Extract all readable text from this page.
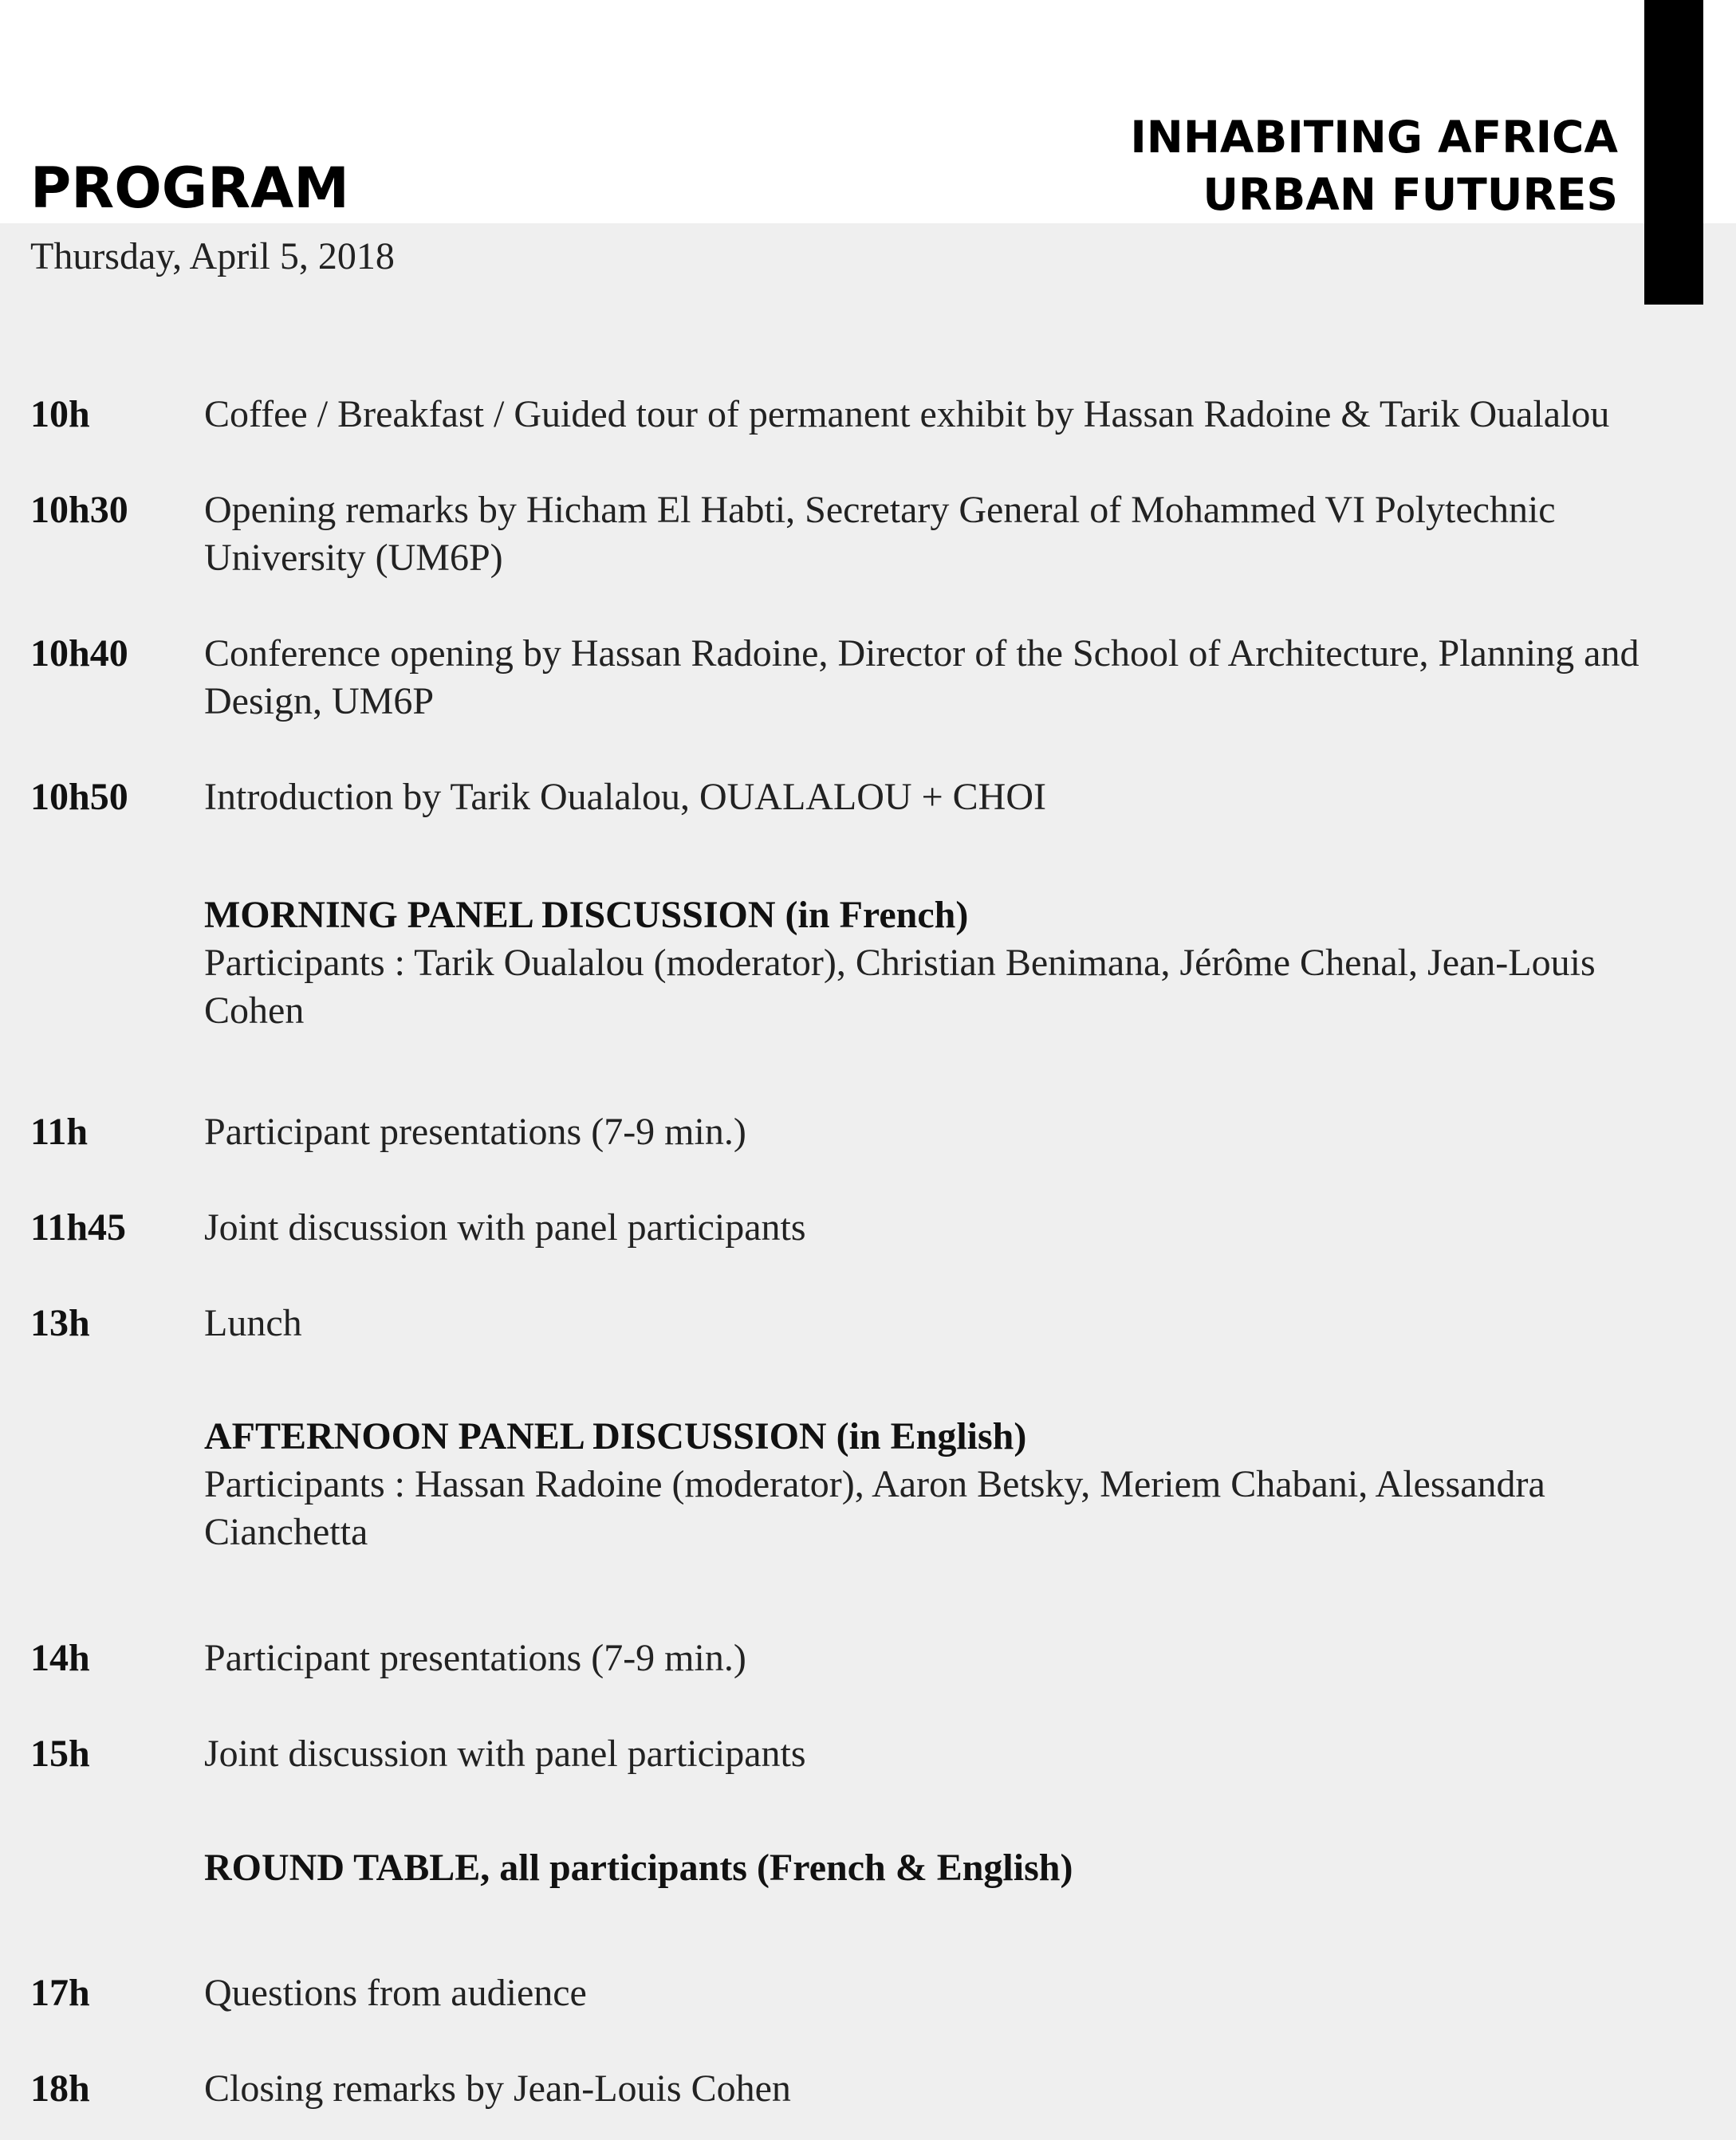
PROGRAM
INHABITING AFRICA
URBAN FUTURES
Thursday, April 5, 2018
10h	Coffee / Breakfast / Guided tour of permanent exhibit by Hassan Radoine & Tarik Oualalou
10h30 Opening remarks by Hicham El Habti, Secretary General of Mohammed VI Polytechnic University (UM6P)
10h40 Conference opening by Hassan Radoine, Director of the School of Architecture, Planning and Design, UM6P
10h50 Introduction by Tarik Oualalou, OUALALOU + CHOI
MORNING PANEL DISCUSSION (in French)
Participants : Tarik Oualalou (moderator), Christian Benimana, Jérôme Chenal, Jean-Louis Cohen
11h	Participant presentations (7-9 min.)
11h45 Joint discussion with panel participants
13h	Lunch
AFTERNOON PANEL DISCUSSION (in English)
Participants : Hassan Radoine (moderator), Aaron Betsky, Meriem Chabani, Alessandra Cianchetta
14h	Participant presentations (7-9 min.)
15h	Joint discussion with panel participants
ROUND TABLE, all participants (French & English)
17h	Questions from audience
18h	Closing remarks by Jean-Louis Cohen
